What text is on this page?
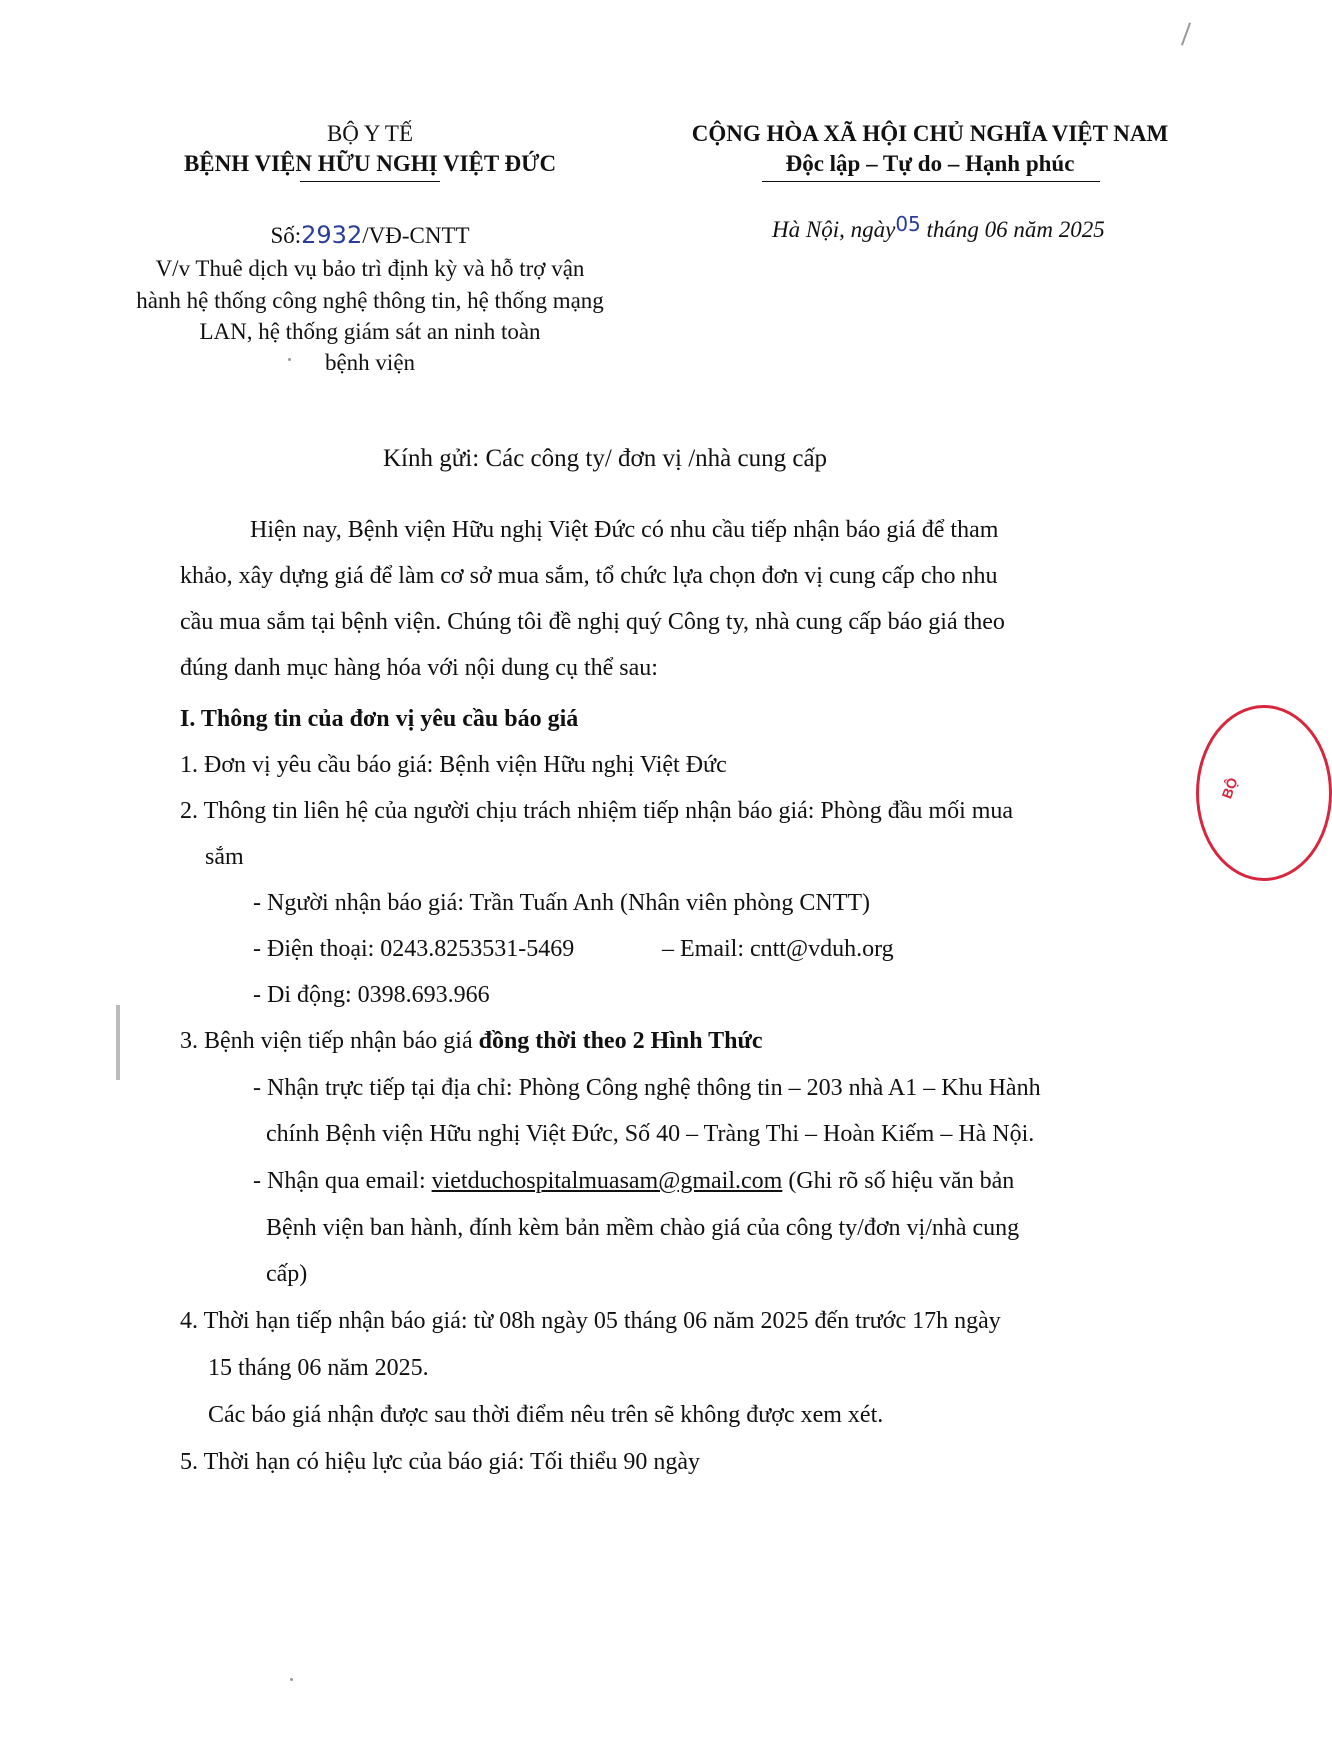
BỘ Y TẾ
BỆNH VIỆN HỮU NGHỊ VIỆT ĐỨC
Số:2932/VĐ-CNTT
V/v Thuê dịch vụ bảo trì định kỳ và hỗ trợ vận
hành hệ thống công nghệ thông tin, hệ thống mạng
LAN, hệ thống giám sát an ninh toàn
bệnh viện
CỘNG HÒA XÃ HỘI CHỦ NGHĨA VIỆT NAM
Độc lập – Tự do – Hạnh phúc
Hà Nội, ngày05 tháng 06 năm 2025
Kính gửi: Các công ty/ đơn vị /nhà cung cấp
Hiện nay, Bệnh viện Hữu nghị Việt Đức có nhu cầu tiếp nhận báo giá để tham
khảo, xây dựng giá để làm cơ sở mua sắm, tổ chức lựa chọn đơn vị cung cấp cho nhu
cầu mua sắm tại bệnh viện. Chúng tôi đề nghị quý Công ty, nhà cung cấp báo giá theo
đúng danh mục hàng hóa với nội dung cụ thể sau:
I. Thông tin của đơn vị yêu cầu báo giá
1. Đơn vị yêu cầu báo giá: Bệnh viện Hữu nghị Việt Đức
2. Thông tin liên hệ của người chịu trách nhiệm tiếp nhận báo giá: Phòng đầu mối mua
sắm
- Người nhận báo giá: Trần Tuấn Anh (Nhân viên phòng CNTT)
- Điện thoại: 0243.8253531-5469	– Email: cntt@vduh.org
- Di động: 0398.693.966
3. Bệnh viện tiếp nhận báo giá đồng thời theo 2 Hình Thức
- Nhận trực tiếp tại địa chỉ: Phòng Công nghệ thông tin – 203 nhà A1 – Khu Hành
chính Bệnh viện Hữu nghị Việt Đức, Số 40 – Tràng Thi – Hoàn Kiếm – Hà Nội.
- Nhận qua email: vietduchospitalmuasam@gmail.com (Ghi rõ số hiệu văn bản
Bệnh viện ban hành, đính kèm bản mềm chào giá của công ty/đơn vị/nhà cung
cấp)
4. Thời hạn tiếp nhận báo giá: từ 08h ngày 05 tháng 06 năm 2025 đến trước 17h ngày
15 tháng 06 năm 2025.
Các báo giá nhận được sau thời điểm nêu trên sẽ không được xem xét.
5. Thời hạn có hiệu lực của báo giá: Tối thiểu 90 ngày
BỘ
